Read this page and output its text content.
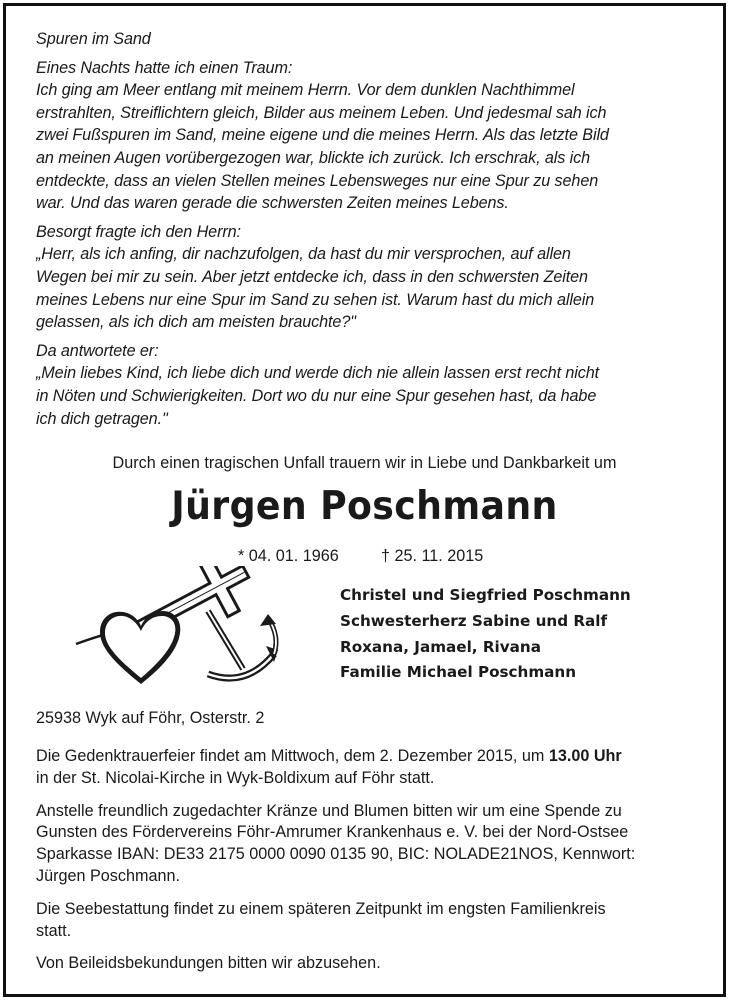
Spuren im Sand

Eines Nachts hatte ich einen Traum:
Ich ging am Meer entlang mit meinem Herrn. Vor dem dunklen Nachthimmel
erstrahlten, Streiflichtern gleich, Bilder aus meinem Leben. Und jedesmal sah ich
zwei Fußspuren im Sand, meine eigene und die meines Herrn. Als das letzte Bild
an meinen Augen vorübergezogen war, blickte ich zurück. Ich erschrak, als ich
entdeckte, dass an vielen Stellen meines Lebensweges nur eine Spur zu sehen
war. Und das waren gerade die schwersten Zeiten meines Lebens.

Besorgt fragte ich den Herrn:
„Herr, als ich anfing, dir nachzufolgen, da hast du mir versprochen, auf allen
Wegen bei mir zu sein. Aber jetzt entdecke ich, dass in den schwersten Zeiten
meines Lebens nur eine Spur im Sand zu sehen ist. Warum hast du mich allein
gelassen, als ich dich am meisten brauchte?"

Da antwortete er:
„Mein liebes Kind, ich liebe dich und werde dich nie allein lassen erst recht nicht
in Nöten und Schwierigkeiten. Dort wo du nur eine Spur gesehen hast, da habe
ich dich getragen."

Durch einen tragischen Unfall trauern wir in Liebe und Dankbarkeit um
Jürgen Poschmann
* 04. 01. 1966	† 25. 11. 2015
Christel und Siegfried Poschmann
Schwesterherz Sabine und Ralf
Roxana, Jamael, Rivana
Familie Michael Poschmann
25938 Wyk auf Föhr, Osterstr. 2

Die Gedenktrauerfeier findet am Mittwoch, dem 2. Dezember 2015, um 13.00 Uhr
in der St. Nicolai-Kirche in Wyk-Boldixum auf Föhr statt.

Anstelle freundlich zugedachter Kränze und Blumen bitten wir um eine Spende zu
Gunsten des Fördervereins Föhr-Amrumer Krankenhaus e. V. bei der Nord-Ostsee
Sparkasse IBAN: DE33 2175 0000 0090 0135 90, BIC: NOLADE21NOS, Kennwort:
Jürgen Poschmann.

Die Seebestattung findet zu einem späteren Zeitpunkt im engsten Familienkreis
statt.

Von Beileidsbekundungen bitten wir abzusehen.
